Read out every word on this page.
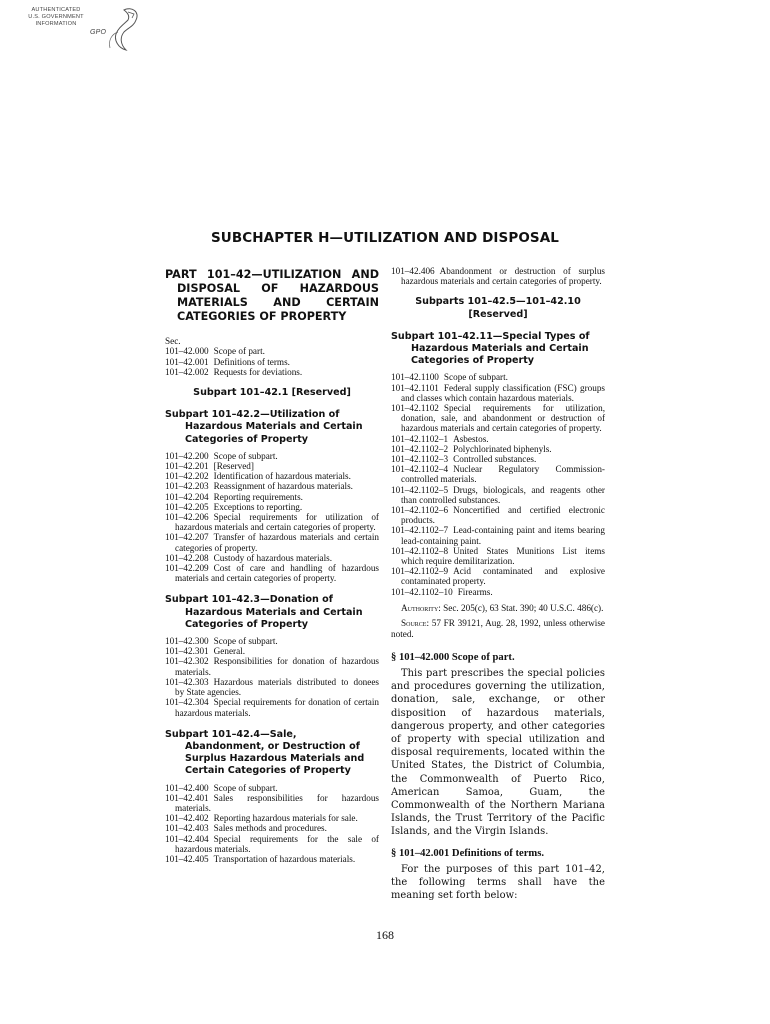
AUTHENTICATED
U.S. GOVERNMENT
INFORMATION
GPO
SUBCHAPTER H—UTILIZATION AND DISPOSAL
PART 101–42—UTILIZATION AND DISPOSAL OF HAZARDOUS MATERIALS AND CERTAIN CATEGORIES OF PROPERTY
Sec.
101–42.000 Scope of part.
101–42.001 Definitions of terms.
101–42.002 Requests for deviations.
Subpart 101–42.1 [Reserved]
Subpart 101–42.2—Utilization of Hazardous Materials and Certain Categories of Property
101–42.200 Scope of subpart.
101–42.201 [Reserved]
101–42.202 Identification of hazardous materials.
101–42.203 Reassignment of hazardous materials.
101–42.204 Reporting requirements.
101–42.205 Exceptions to reporting.
101–42.206 Special requirements for utilization of hazardous materials and certain categories of property.
101–42.207 Transfer of hazardous materials and certain categories of property.
101–42.208 Custody of hazardous materials.
101–42.209 Cost of care and handling of hazardous materials and certain categories of property.
Subpart 101–42.3—Donation of Hazardous Materials and Certain Categories of Property
101–42.300 Scope of subpart.
101–42.301 General.
101–42.302 Responsibilities for donation of hazardous materials.
101–42.303 Hazardous materials distributed to donees by State agencies.
101–42.304 Special requirements for donation of certain hazardous materials.
Subpart 101–42.4—Sale, Abandonment, or Destruction of Surplus Hazardous Materials and Certain Categories of Property
101–42.400 Scope of subpart.
101–42.401 Sales responsibilities for hazardous materials.
101–42.402 Reporting hazardous materials for sale.
101–42.403 Sales methods and procedures.
101–42.404 Special requirements for the sale of hazardous materials.
101–42.405 Transportation of hazardous materials.
101–42.406 Abandonment or destruction of surplus hazardous materials and certain categories of property.
Subparts 101–42.5—101–42.10 [Reserved]
Subpart 101–42.11—Special Types of Hazardous Materials and Certain Categories of Property
101–42.1100 Scope of subpart.
101–42.1101 Federal supply classification (FSC) groups and classes which contain hazardous materials.
101–42.1102 Special requirements for utilization, donation, sale, and abandonment or destruction of hazardous materials and certain categories of property.
101–42.1102–1 Asbestos.
101–42.1102–2 Polychlorinated biphenyls.
101–42.1102–3 Controlled substances.
101–42.1102–4 Nuclear Regulatory Commission-controlled materials.
101–42.1102–5 Drugs, biologicals, and reagents other than controlled substances.
101–42.1102–6 Noncertified and certified electronic products.
101–42.1102–7 Lead-containing paint and items bearing lead-containing paint.
101–42.1102–8 United States Munitions List items which require demilitarization.
101–42.1102–9 Acid contaminated and explosive contaminated property.
101–42.1102–10 Firearms.

Authority: Sec. 205(c), 63 Stat. 390; 40 U.S.C. 486(c).

Source: 57 FR 39121, Aug. 28, 1992, unless otherwise noted.

§ 101–42.000 Scope of part.

This part prescribes the special policies and procedures governing the utilization, donation, sale, exchange, or other disposition of hazardous materials, dangerous property, and other categories of property with special utilization and disposal requirements, located within the United States, the District of Columbia, the Commonwealth of Puerto Rico, American Samoa, Guam, the Commonwealth of the Northern Mariana Islands, the Trust Territory of the Pacific Islands, and the Virgin Islands.

§ 101–42.001 Definitions of terms.

For the purposes of this part 101–42, the following terms shall have the meaning set forth below:

168
